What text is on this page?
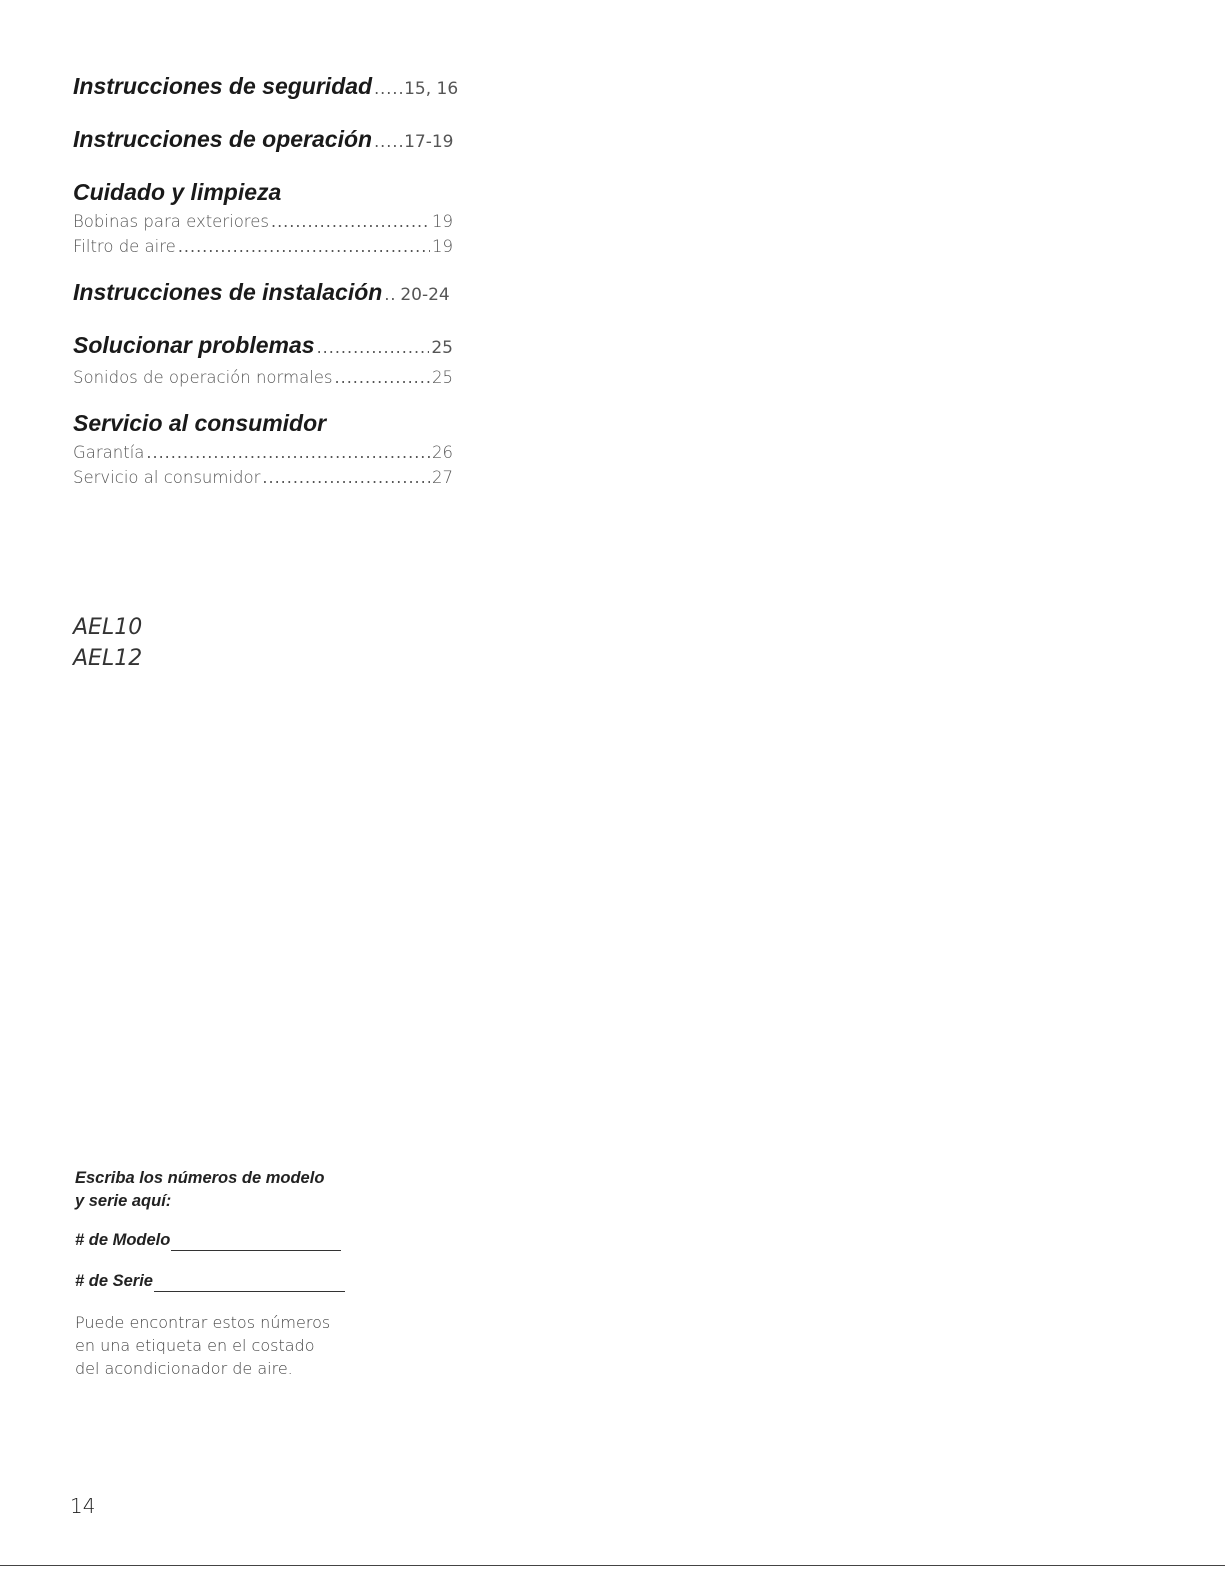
Instrucciones de seguridad ..... 15, 16
Instrucciones de operación ..... 17-19
Cuidado y limpieza
Bobinas para exteriores .....	19
Filtro de aire .....	19
Instrucciones de instalación ..... 20-24
Solucionar problemas .....	25
Sonidos de operación normales .....	25
Servicio al consumidor
Garantía .....	26
Servicio al consumidor .....	27
AEL10
AEL12
Escriba los números de modelo
y serie aquí:
# de Modelo
# de Serie
Puede encontrar estos números
en una etiqueta en el costado
del acondicionador de aire.
14
